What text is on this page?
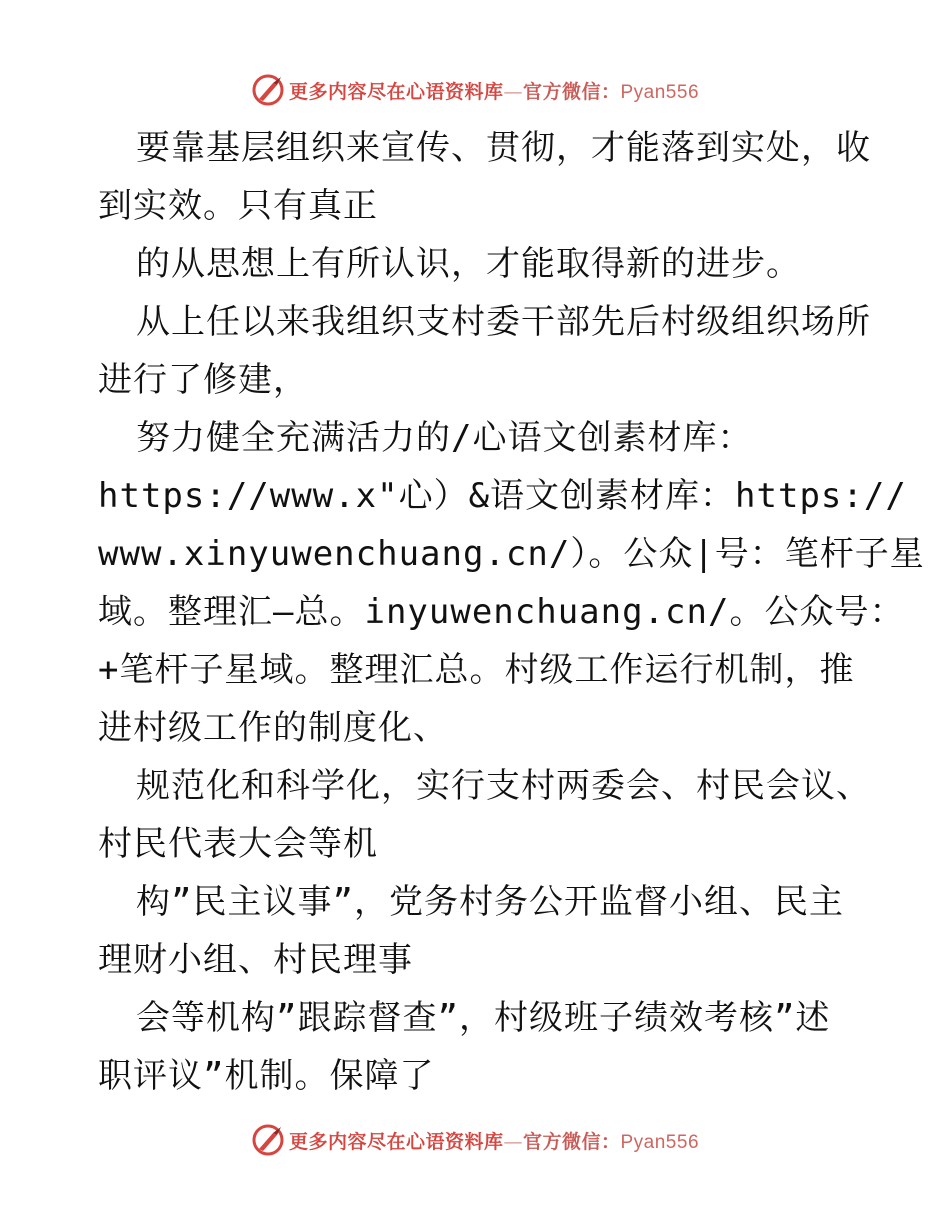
更多内容尽在心语资料库—官方微信：Pyan556
要靠基层组织来宣传、贯彻，才能落到实处，收
到实效。只有真正
的从思想上有所认识，才能取得新的进步。
从上任以来我组织支村委干部先后村级组织场所
进行了修建，
努力健全充满活力的/心语文创素材库：
https://www.x"心）&语文创素材库：https://
www.xinyuwenchuang.cn/）。公众|号：笔杆子星
域。整理汇—总。inyuwenchuang.cn/。公众号：
+笔杆子星域。整理汇总。村级工作运行机制，推
进村级工作的制度化、
规范化和科学化，实行支村两委会、村民会议、
村民代表大会等机
构”民主议事”，党务村务公开监督小组、民主
理财小组、村民理事
会等机构”跟踪督查”，村级班子绩效考核”述
职评议”机制。保障了
更多内容尽在心语资料库—官方微信：Pyan556
